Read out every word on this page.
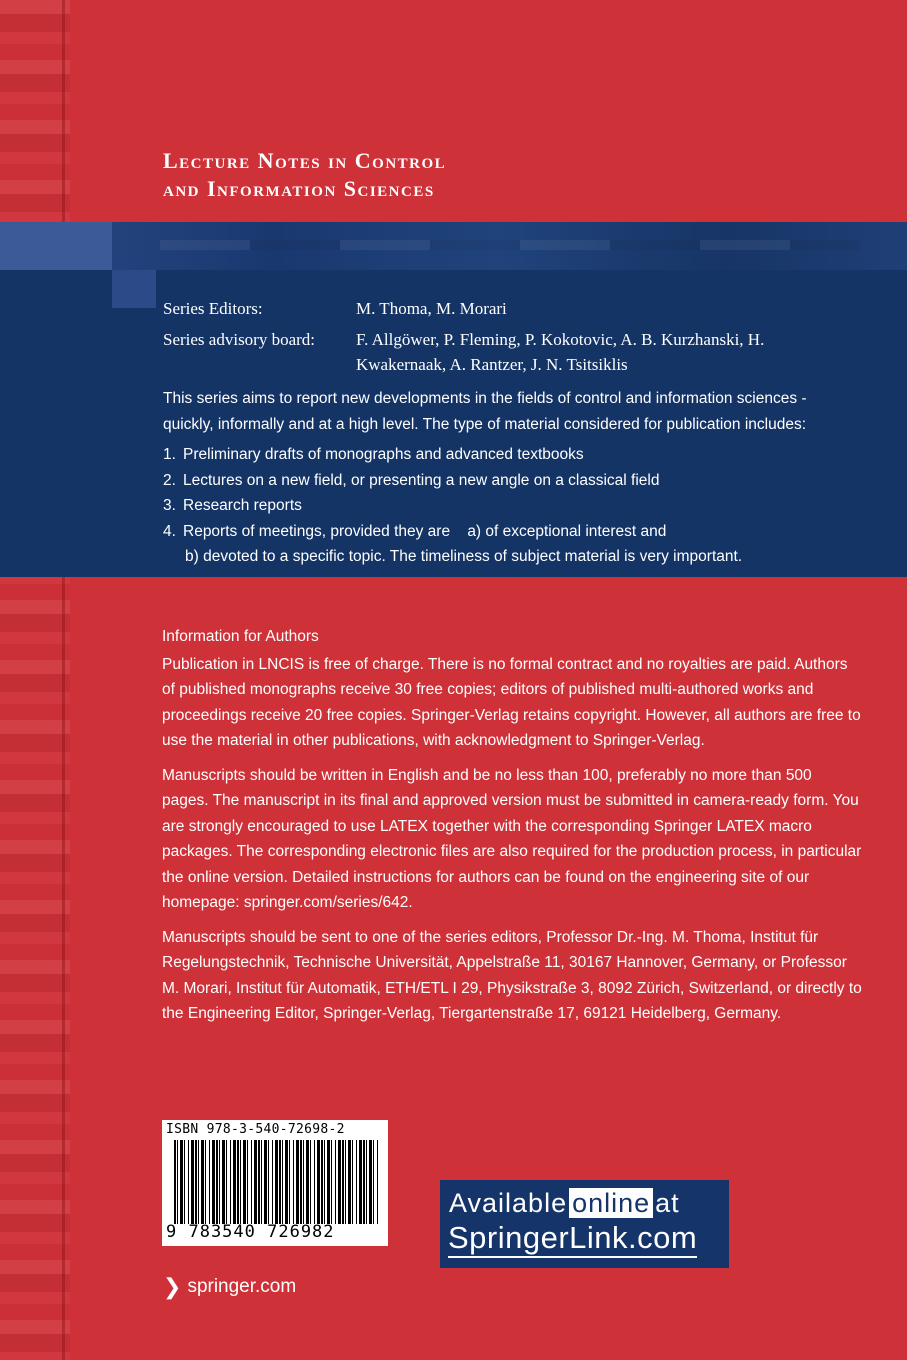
Lecture Notes in Control
and Information Sciences
Series Editors:	M. Thoma, M. Morari
Series advisory board:	F. Allgöwer, P. Fleming, P. Kokotovic, A. B. Kurzhanski, H. Kwakernaak, A. Rantzer, J. N. Tsitsiklis

This series aims to report new developments in the fields of control and information sciences - quickly, informally and at a high level. The type of material considered for publication includes:

1. Preliminary drafts of monographs and advanced textbooks
2. Lectures on a new field, or presenting a new angle on a classical field
3. Research reports
4. Reports of meetings, provided they are    a) of exceptional interest and
b) devoted to a specific topic. The timeliness of subject material is very important.

Information for Authors

Publication in LNCIS is free of charge. There is no formal contract and no royalties are paid. Authors of published monographs receive 30 free copies; editors of published multi-authored works and proceedings receive 20 free copies. Springer-Verlag retains copyright. However, all authors are free to use the material in other publications, with acknowledgment to Springer-Verlag.

Manuscripts should be written in English and be no less than 100, preferably no more than 500 pages. The manuscript in its final and approved version must be submitted in camera-ready form. You are strongly encouraged to use LATEX together with the corresponding Springer LATEX macro packages. The corresponding electronic files are also required for the production process, in particular the online version. Detailed instructions for authors can be found on the engineering site of our homepage: springer.com/series/642.

Manuscripts should be sent to one of the series editors, Professor Dr.-Ing. M. Thoma, Institut für Regelungstechnik, Technische Universität, Appelstraße 11, 30167 Hannover, Germany, or Professor M. Morari, Institut für Automatik, ETH/ETL I 29, Physikstraße 3, 8092 Zürich, Switzerland, or directly to the Engineering Editor, Springer-Verlag, Tiergartenstraße 17, 69121 Heidelberg, Germany.

ISBN 978-3-540-72698-2
9 783540 726982
Available online at
SpringerLink.com
❯ springer.com
